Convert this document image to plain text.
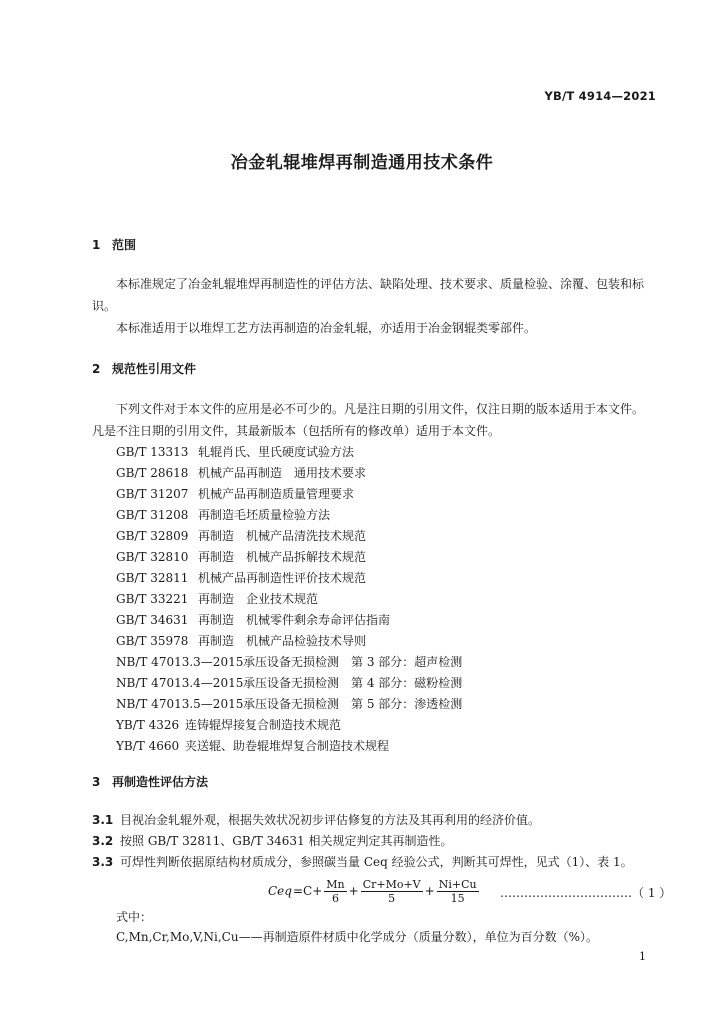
YB/T 4914—2021
冶金轧辊堆焊再制造通用技术条件
1 范围
本标准规定了冶金轧辊堆焊再制造性的评估方法、缺陷处理、技术要求、质量检验、涂覆、包装和标识。
本标准适用于以堆焊工艺方法再制造的冶金轧辊，亦适用于冶金钢辊类零部件。
2 规范性引用文件
下列文件对于本文件的应用是必不可少的。凡是注日期的引用文件，仅注日期的版本适用于本文件。凡是不注日期的引用文件，其最新版本（包括所有的修改单）适用于本文件。
GB/T 13313 轧辊肖氏、里氏硬度试验方法
GB/T 28618 机械产品再制造　通用技术要求
GB/T 31207 机械产品再制造质量管理要求
GB/T 31208 再制造毛坯质量检验方法
GB/T 32809 再制造　机械产品清洗技术规范
GB/T 32810 再制造　机械产品拆解技术规范
GB/T 32811 机械产品再制造性评价技术规范
GB/T 33221 再制造　企业技术规范
GB/T 34631 再制造　机械零件剩余寿命评估指南
GB/T 35978 再制造　机械产品检验技术导则
NB/T 47013.3—2015承压设备无损检测　第 3 部分：超声检测
NB/T 47013.4—2015承压设备无损检测　第 4 部分：磁粉检测
NB/T 47013.5—2015承压设备无损检测　第 5 部分：渗透检测
YB/T 4326 连铸辊焊接复合制造技术规范
YB/T 4660 夹送辊、助卷辊堆焊复合制造技术规程
3 再制造性评估方法
3.1 目视冶金轧辊外观，根据失效状况初步评估修复的方法及其再利用的经济价值。
3.2 按照 GB/T 32811、GB/T 34631 相关规定判定其再制造性。
3.3 可焊性判断依据原结构材质成分，参照碳当量 Ceq 经验公式，判断其可焊性，见式（1）、表 1。
Ceq $=C+ \frac{Mn}{6} + \frac{Cr+Mo+V}{5} + \frac{Ni+Cu}{15}$ ……………………………（ 1 ）
式中：
C,Mn,Cr,Mo,V,Ni,Cu——再制造原件材质中化学成分（质量分数），单位为百分数（%）。
1
